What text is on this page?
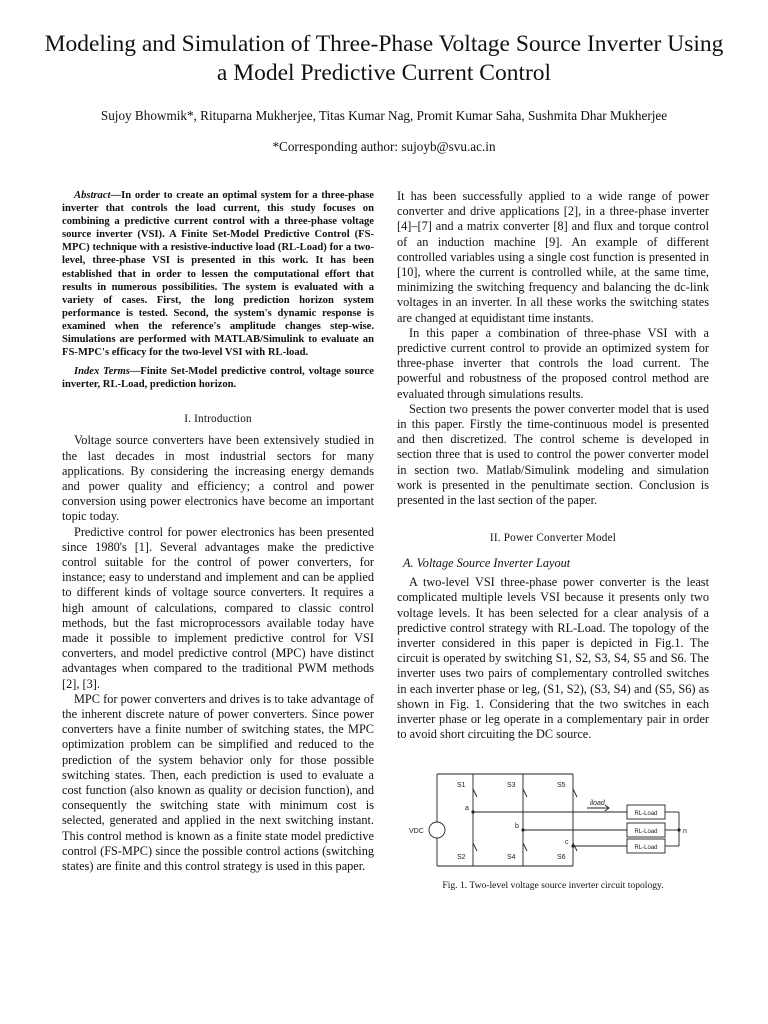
Modeling and Simulation of Three-Phase Voltage Source Inverter Using a Model Predictive Current Control
Sujoy Bhowmik*, Rituparna Mukherjee, Titas Kumar Nag, Promit Kumar Saha, Sushmita Dhar Mukherjee
*Corresponding author: sujoyb@svu.ac.in

Abstract—In order to create an optimal system for a three-phase inverter that controls the load current, this study focuses on combining a predictive current control with a three-phase voltage source inverter (VSI). A Finite Set-Model Predictive Control (FS-MPC) technique with a resistive-inductive load (RL-Load) for a two-level, three-phase VSI is presented in this work. It has been established that in order to lessen the computational effort that results in numerous possibilities. The system is evaluated with a variety of cases. First, the long prediction horizon system performance is tested. Second, the system's dynamic response is examined when the reference's amplitude changes step-wise. Simulations are performed with MATLAB/Simulink to evaluate an FS-MPC's efficacy for the two-level VSI with RL-load.

Index Terms—Finite Set-Model predictive control, voltage source inverter, RL-Load, prediction horizon.

I. Introduction

Voltage source converters have been extensively studied in the last decades in most industrial sectors for many applications. By considering the increasing energy demands and power quality and efficiency; a control and power conversion using power electronics have become an important topic today.

Predictive control for power electronics has been presented since 1980's [1]. Several advantages make the predictive control suitable for the control of power converters, for instance; easy to understand and implement and can be applied to different kinds of voltage source converters. It requires a high amount of calculations, compared to classic control methods, but the fast microprocessors available today have made it possible to implement predictive control for VSI converters, and model predictive control (MPC) have distinct advantages when compared to the traditional PWM methods [2], [3].

MPC for power converters and drives is to take advantage of the inherent discrete nature of power converters. Since power converters have a finite number of switching states, the MPC optimization problem can be simplified and reduced to the prediction of the system behavior only for those possible switching states. Then, each prediction is used to evaluate a cost function (also known as quality or decision function), and consequently the switching state with minimum cost is selected, generated and applied in the next switching instant. This control method is known as a finite state model predictive control (FS-MPC) since the possible control actions (switching states) are finite and this control strategy is used in this paper.

It has been successfully applied to a wide range of power converter and drive applications [2], in a three-phase inverter [4]–[7] and a matrix converter [8] and flux and torque control of an induction machine [9]. An example of different controlled variables using a single cost function is presented in [10], where the current is controlled while, at the same time, minimizing the switching frequency and balancing the dc-link voltages in an inverter. In all these works the switching states are changed at equidistant time instants.

In this paper a combination of three-phase VSI with a predictive current control to provide an optimized system for three-phase inverter that controls the load current. The powerful and robustness of the proposed control method are evaluated through simulations results.

Section two presents the power converter model that is used in this paper. Firstly the time-continuous model is presented and then discretized. The control scheme is developed in section three that is used to control the power converter model in section two. Matlab/Simulink modeling and simulation work is presented in the penultimate section. Conclusion is presented in the last section of the paper.

II. Power Converter Model
A. Voltage Source Inverter Layout

A two-level VSI three-phase power converter is the least complicated multiple levels VSI because it presents only two voltage levels. It has been selected for a clear analysis of a predictive control strategy with RL-Load. The topology of the inverter considered in this paper is depicted in Fig.1. The circuit is operated by switching S1, S2, S3, S4, S5 and S6. The inverter uses two pairs of complementary controlled switches in each inverter phase or leg, (S1, S2), (S3, S4) and (S5, S6) as shown in Fig. 1. Considering that the two switches in each inverter phase or leg operate in a complementary pair in order to avoid short circuiting the DC source.

S1	S3	S5
S2	S4	S6
VDC
iload
a
b
c
n
RL-Load
RL-Load
RL-Load
Fig. 1. Two-level voltage source inverter circuit topology.
